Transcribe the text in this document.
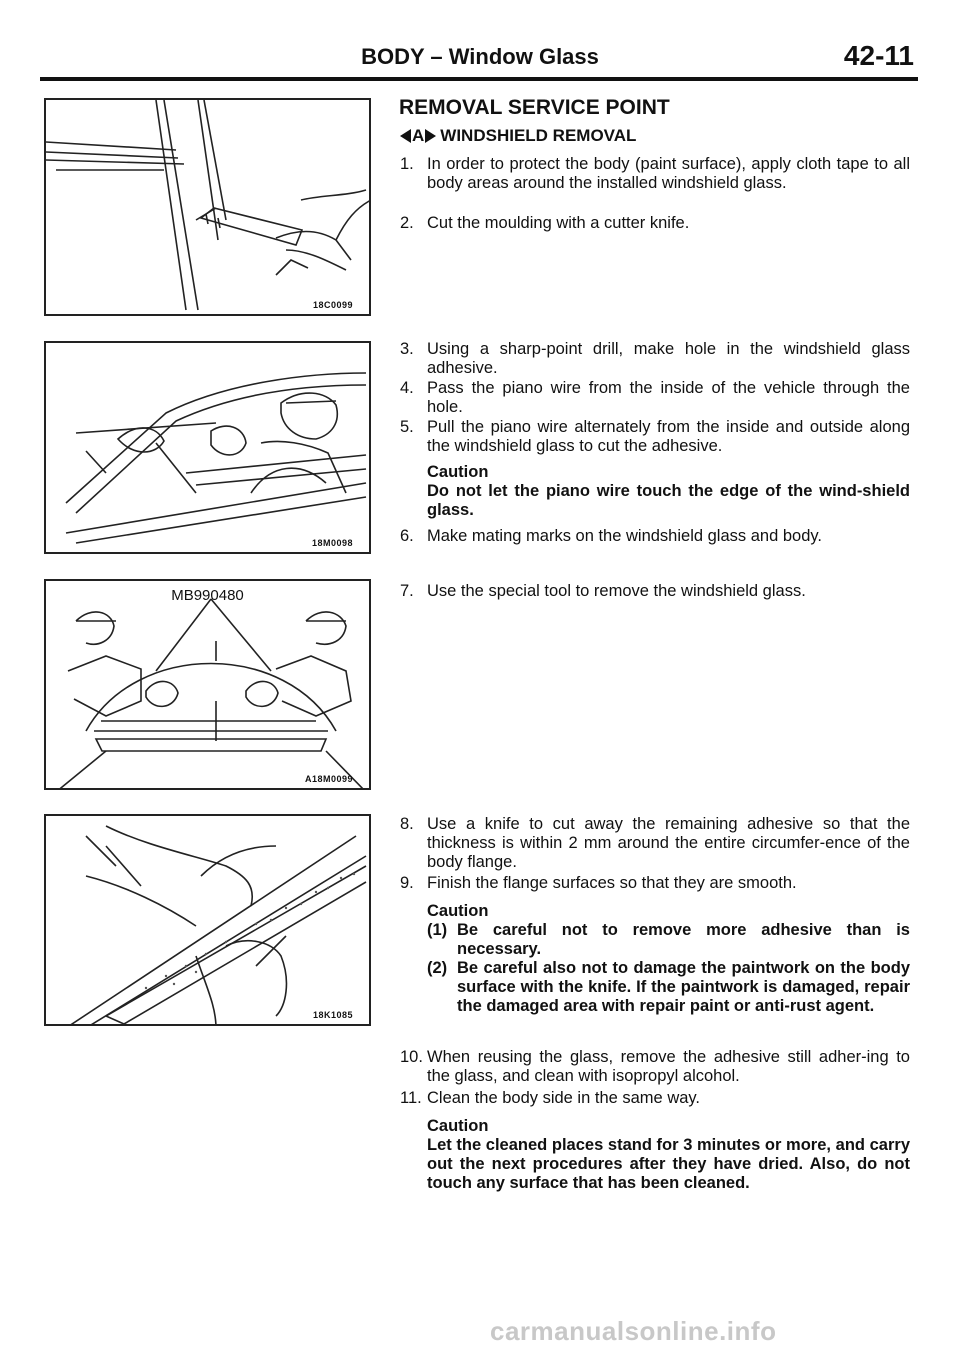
BODY – Window Glass	42-11
18C0099
18M0098
MB990480
A18M0099
18K1085
REMOVAL SERVICE POINT
A WINDSHIELD REMOVAL
1. In order to protect the body (paint surface), apply cloth tape to all body areas around the installed windshield glass.
2. Cut the moulding with a cutter knife.
3. Using a sharp-point drill, make hole in the windshield glass adhesive.
4. Pass the piano wire from the inside of the vehicle through the hole.
5. Pull the piano wire alternately from the inside and outside along the windshield glass to cut the adhesive.
Caution
Do not let the piano wire touch the edge of the wind-shield glass.
6. Make mating marks on the windshield glass and body.
7. Use the special tool to remove the windshield glass.
8. Use a knife to cut away the remaining adhesive so that the thickness is within 2 mm around the entire circumfer-ence of the body flange.
9. Finish the flange surfaces so that they are smooth.
Caution
(1) Be careful not to remove more adhesive than is necessary.
(2) Be careful also not to damage the paintwork on the body surface with the knife. If the paintwork is damaged, repair the damaged area with repair paint or anti-rust agent.
10. When reusing the glass, remove the adhesive still adher-ing to the glass, and clean with isopropyl alcohol.
11. Clean the body side in the same way.
Caution
Let the cleaned places stand for 3 minutes or more, and carry out the next procedures after they have dried. Also, do not touch any surface that has been cleaned.
carmanualsonline.info
